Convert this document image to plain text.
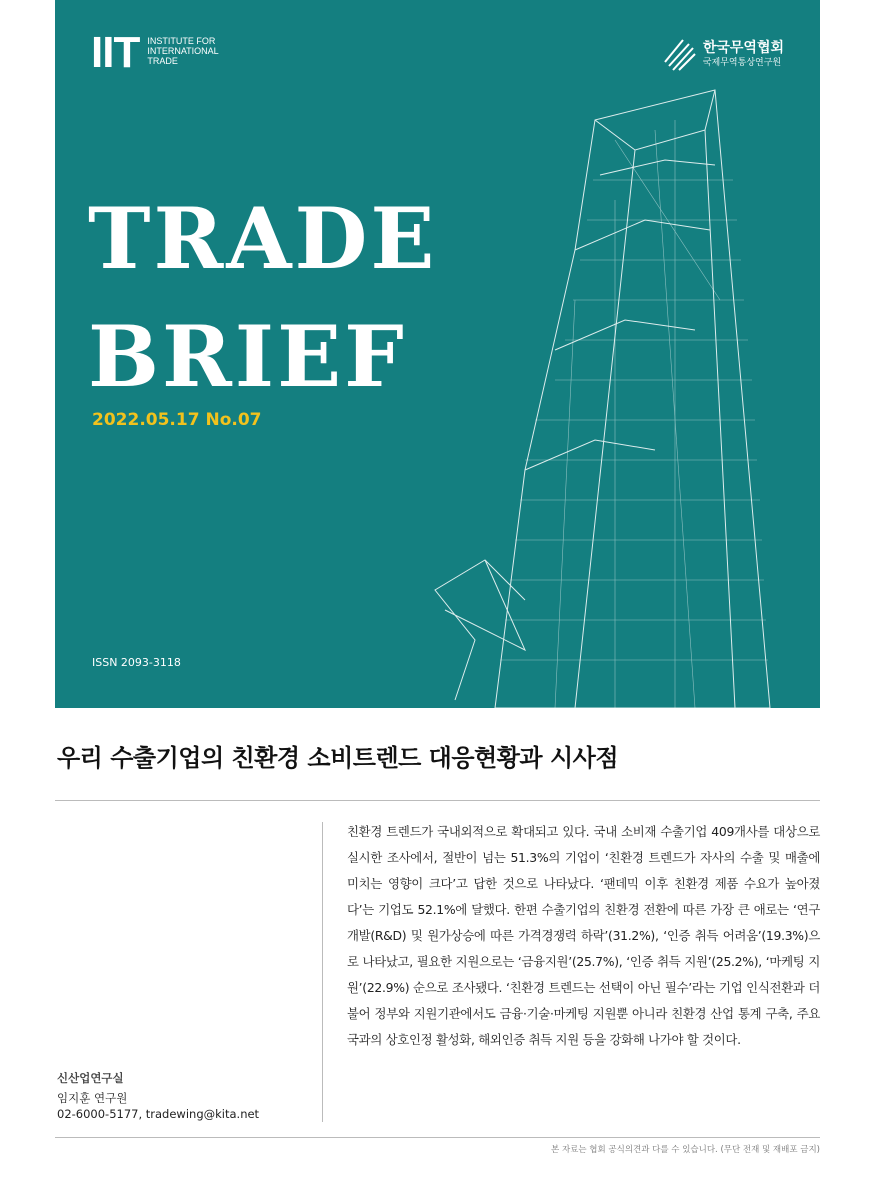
IIT INSTITUTE FOR
INTERNATIONAL
TRADE
한국무역협회
국제무역통상연구원
TRADE
BRIEF
2022.05.17 No.07
ISSN 2093-3118
우리 수출기업의 친환경 소비트렌드 대응현황과 시사점
신산업연구실
임지훈 연구원
02-6000-5177, tradewing@kita.net
친환경 트렌드가 국내외적으로 확대되고 있다. 국내 소비재 수출기업 409개사를 대상으로 실시한 조사에서, 절반이 넘는 51.3%의 기업이 ‘친환경 트렌드가 자사의 수출 및 매출에 미치는 영향이 크다’고 답한 것으로 나타났다. ‘팬데믹 이후 친환경 제품 수요가 높아졌다’는 기업도 52.1%에 달했다. 한편 수출기업의 친환경 전환에 따른 가장 큰 애로는 ‘연구개발(R&D) 및 원가상승에 따른 가격경쟁력 하락’(31.2%), ‘인증 취득 어려움’(19.3%)으로 나타났고, 필요한 지원으로는 ‘금융지원’(25.7%), ‘인증 취득 지원’(25.2%), ‘마케팅 지원’(22.9%) 순으로 조사됐다. ‘친환경 트렌드는 선택이 아닌 필수’라는 기업 인식전환과 더불어 정부와 지원기관에서도 금융·기술·마케팅 지원뿐 아니라 친환경 산업 통계 구축, 주요국과의 상호인정 활성화, 해외인증 취득 지원 등을 강화해 나가야 할 것이다.
본 자료는 협회 공식의견과 다를 수 있습니다. (무단 전재 및 재배포 금지)
